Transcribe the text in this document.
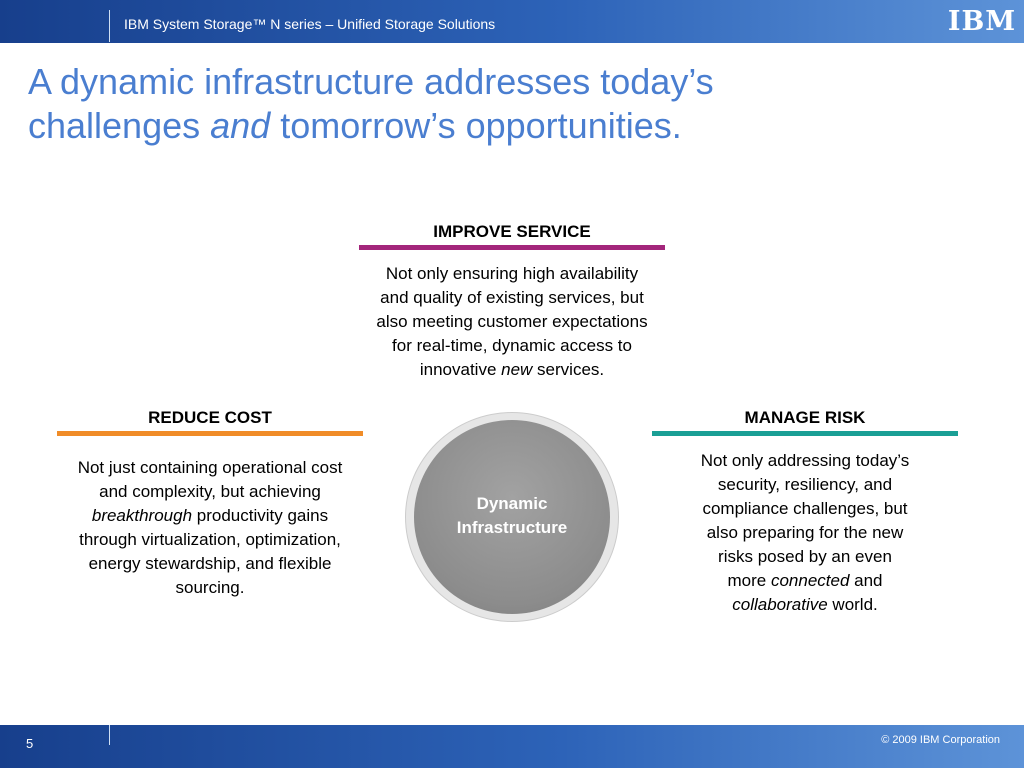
IBM System Storage™ N series – Unified Storage Solutions	IBM
A dynamic infrastructure addresses today’s
challenges and tomorrow’s opportunities.
IMPROVE SERVICE
Not only ensuring high availability
and quality of existing services, but
also meeting customer expectations
for real-time, dynamic access to
innovative new services.
REDUCE COST
Not just containing operational cost
and complexity, but achieving
breakthrough productivity gains
through virtualization, optimization,
energy stewardship, and flexible
sourcing.
MANAGE RISK
Not only addressing today’s
security, resiliency, and
compliance challenges, but
also preparing for the new
risks posed by an even
more connected and
collaborative world.
Dynamic
Infrastructure
5	© 2009 IBM Corporation
